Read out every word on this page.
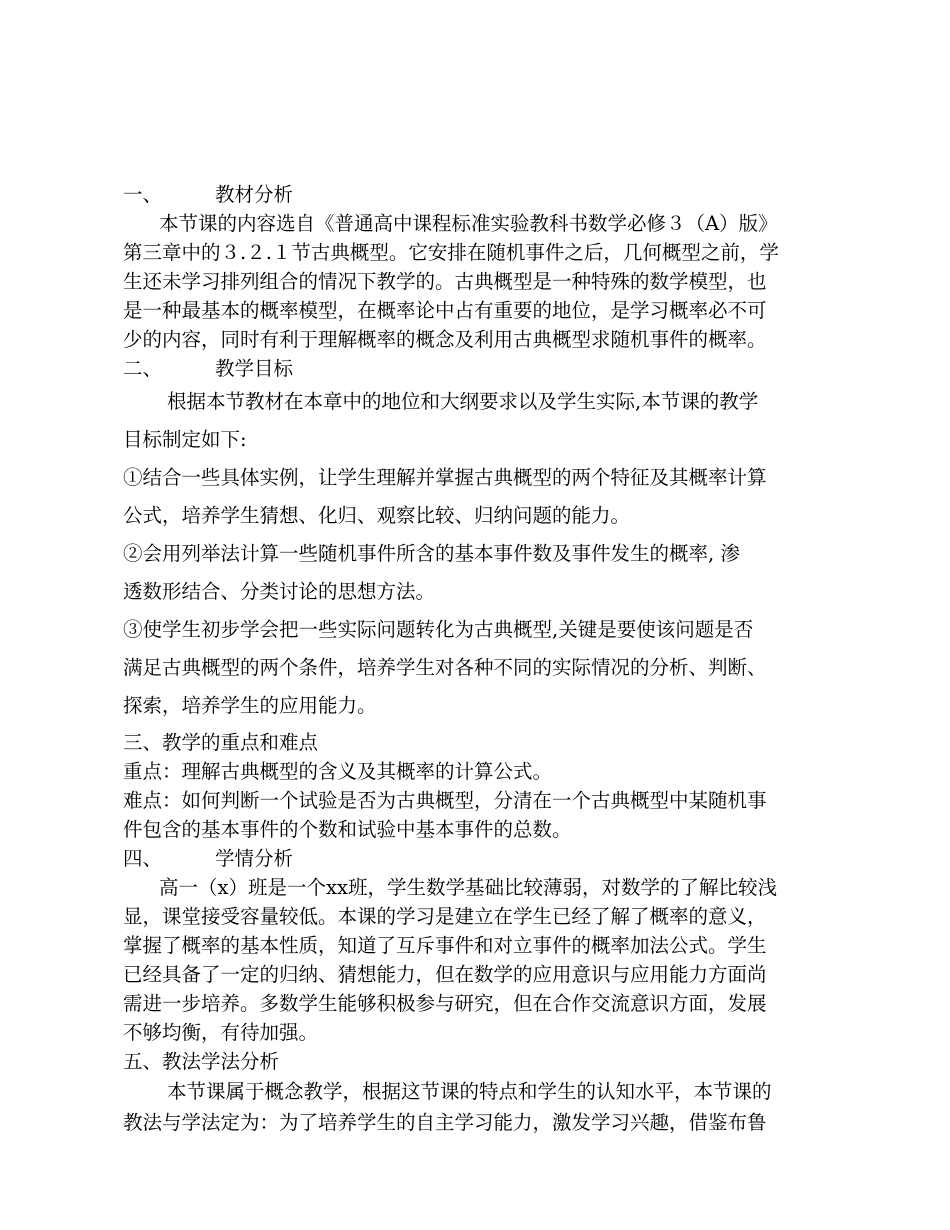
一、	教材分析
本节课的内容选自《普通高中课程标准实验教科书数学必修３（A）版》
第三章中的３.２.１节古典概型。它安排在随机事件之后，几何概型之前，学
生还未学习排列组合的情况下教学的。古典概型是一种特殊的数学模型，也
是一种最基本的概率模型，在概率论中占有重要的地位，是学习概率必不可
少的内容，同时有利于理解概率的概念及利用古典概型求随机事件的概率。
二、	教学目标
根据本节教材在本章中的地位和大纲要求以及学生实际,本节课的教学
目标制定如下:
①结合一些具体实例，让学生理解并掌握古典概型的两个特征及其概率计算
公式，培养学生猜想、化归、观察比较、归纳问题的能力。
②会用列举法计算一些随机事件所含的基本事件数及事件发生的概率, 渗
透数形结合、分类讨论的思想方法。
③使学生初步学会把一些实际问题转化为古典概型,关键是要使该问题是否
满足古典概型的两个条件，培养学生对各种不同的实际情况的分析、判断、
探索，培养学生的应用能力。
三、教学的重点和难点
重点：理解古典概型的含义及其概率的计算公式。
难点：如何判断一个试验是否为古典概型，分清在一个古典概型中某随机事
件包含的基本事件的个数和试验中基本事件的总数。
四、	学情分析
高一（x）班是一个xx班，学生数学基础比较薄弱，对数学的了解比较浅
显，课堂接受容量较低。本课的学习是建立在学生已经了解了概率的意义，
掌握了概率的基本性质，知道了互斥事件和对立事件的概率加法公式。学生
已经具备了一定的归纳、猜想能力，但在数学的应用意识与应用能力方面尚
需进一步培养。多数学生能够积极参与研究，但在合作交流意识方面，发展
不够均衡，有待加强。
五、教法学法分析
本节课属于概念教学，根据这节课的特点和学生的认知水平，本节课的
教法与学法定为：为了培养学生的自主学习能力，激发学习兴趣，借鉴布鲁
